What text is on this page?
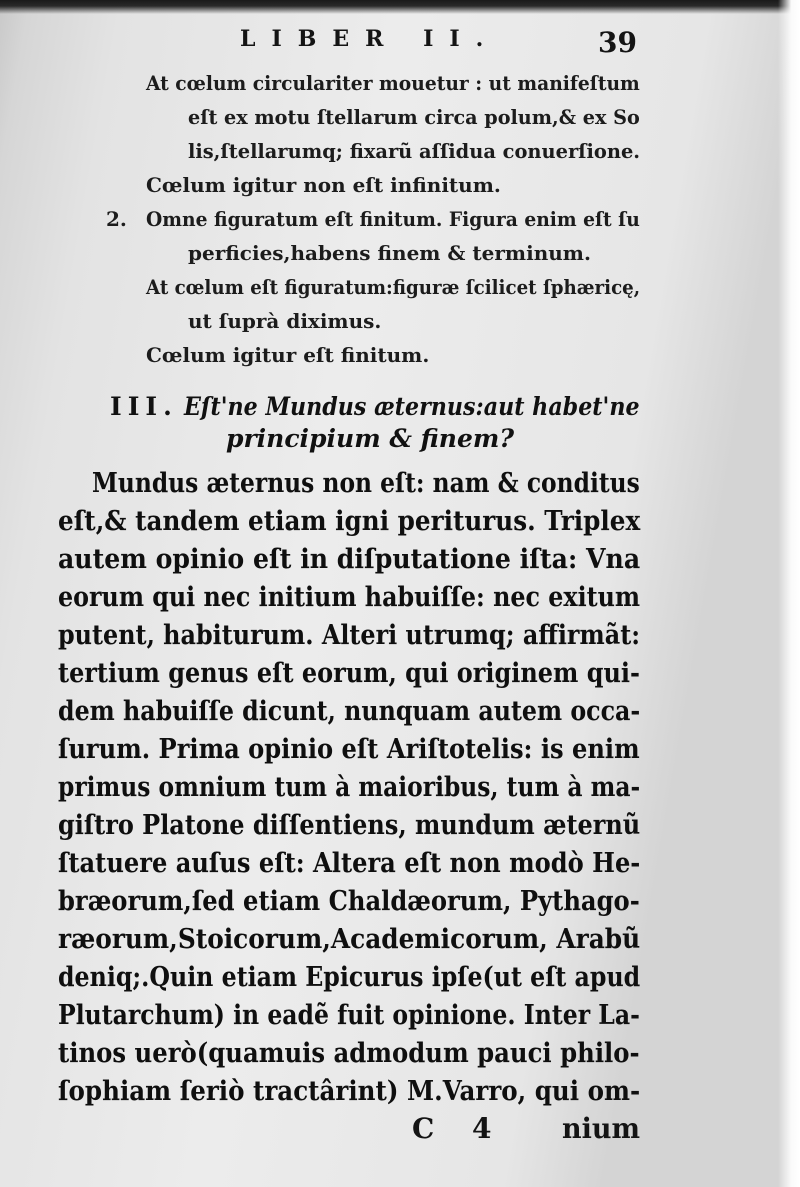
LIBER II.	39
At cœlum circulariter mouetur : ut manifeſtum
eſt ex motu ſtellarum circa polum,& ex So
lis,ſtellarumq; fixarũ aſſidua conuerſione.
Cœlum igitur non eſt infinitum.
2. Omne figuratum eſt finitum. Figura enim eſt ſu
perficies,habens finem & terminum.
At cœlum eſt figuratum:figuræ ſcilicet ſphæricę,
ut ſuprà diximus.
Cœlum igitur eſt finitum.
III. Eſt'ne Mundus æternus:aut habet'ne
principium & finem?
Mundus æternus non eſt: nam & conditus
eſt,& tandem etiam igni periturus. Triplex
autem opinio eſt in diſputatione iſta: Vna
eorum qui nec initium habuiſſe: nec exitum
putent, habiturum. Alteri utrumq; affirmãt:
tertium genus eſt eorum, qui originem qui-
dem habuiſſe dicunt, nunquam autem occa-
ſurum. Prima opinio eſt Ariſtotelis: is enim
primus omnium tum à maioribus, tum à ma-
giſtro Platone diſſentiens, mundum æternũ
ſtatuere auſus eſt: Altera eſt non modò He-
bræorum,ſed etiam Chaldæorum, Pythago-
ræorum,Stoicorum,Academicorum, Arabũ
deniq;.Quin etiam Epicurus ipſe(ut eſt apud
Plutarchum) in eadẽ fuit opinione. Inter La-
tinos uerò(quamuis admodum pauci philo-
ſophiam ſeriò tractârint) M.Varro, qui om-
C 4 nium
